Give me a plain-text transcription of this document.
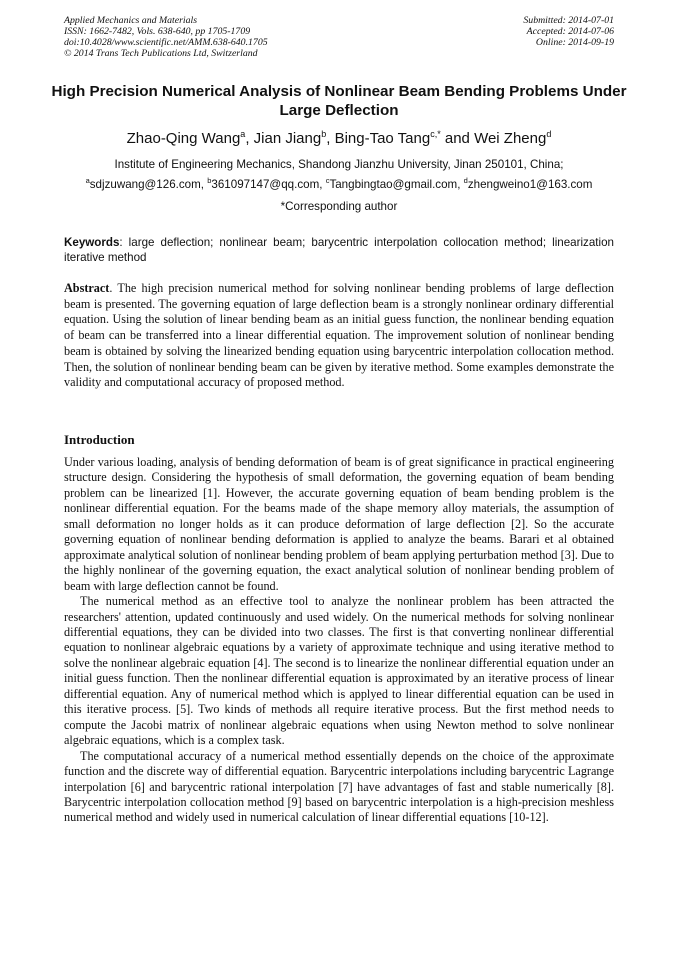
Applied Mechanics and Materials
ISSN: 1662-7482, Vols. 638-640, pp 1705-1709
doi:10.4028/www.scientific.net/AMM.638-640.1705
© 2014 Trans Tech Publications Ltd, Switzerland
Submitted: 2014-07-01
Accepted: 2014-07-06
Online: 2014-09-19
High Precision Numerical Analysis of Nonlinear Beam Bending Problems Under Large Deflection
Zhao-Qing Wang$^a$, Jian Jiang$^b$, Bing-Tao Tang$^{c,*}$ and Wei Zheng$^d$
Institute of Engineering Mechanics, Shandong Jianzhu University, Jinan 250101, China;
$^a$sdjzuwang@126.com, $^b$361097147@qq.com, $^c$Tangbingtao@gmail.com, $^d$zhengweino1@163.com
*Corresponding author
Keywords: large deflection; nonlinear beam; barycentric interpolation collocation method; linearization iterative method

Abstract. The high precision numerical method for solving nonlinear bending problems of large deflection beam is presented. The governing equation of large deflection beam is a strongly nonlinear ordinary differential equation. Using the solution of linear bending beam as an initial guess function, the nonlinear bending equation of beam can be transferred into a linear differential equation. The improvement solution of nonlinear bending beam is obtained by solving the linearized bending equation using barycentric interpolation collocation method. Then, the solution of nonlinear bending beam can be given by iterative method. Some examples demonstrate the validity and computational accuracy of proposed method.

Introduction

Under various loading, analysis of bending deformation of beam is of great significance in practical engineering structure design. Considering the hypothesis of small deformation, the governing equation of beam bending problem can be linearized [1]. However, the accurate governing equation of beam bending problem is the nonlinear differential equation. For the beams made of the shape memory alloy materials, the assumption of small deformation no longer holds as it can produce deformation of large deflection [2]. So the accurate governing equation of nonlinear bending deformation is applied to analyze the beams. Barari et al obtained approximate analytical solution of nonlinear bending problem of beam applying perturbation method [3]. Due to the highly nonlinear of the governing equation, the exact analytical solution of nonlinear bending problem of beam with large deflection cannot be found.

The numerical method as an effective tool to analyze the nonlinear problem has been attracted the researchers' attention, updated continuously and used widely. On the numerical methods for solving nonlinear differential equations, they can be divided into two classes. The first is that converting nonlinear differential equation to nonlinear algebraic equations by a variety of approximate technique and using iterative method to solve the nonlinear algebraic equation [4]. The second is to linearize the nonlinear differential equation under an initial guess function. Then the nonlinear differential equation is approximated by an iterative process of linear differential equation. Any of numerical method which is applyed to linear differential equation can be used in this iterative process. [5]. Two kinds of methods all require iterative process. But the first method needs to compute the Jacobi matrix of nonlinear algebraic equations when using Newton method to solve nonlinear algebraic equations, which is a complex task.

The computational accuracy of a numerical method essentially depends on the choice of the approximate function and the discrete way of differential equation. Barycentric interpolations including barycentric Lagrange interpolation [6] and barycentric rational interpolation [7] have advantages of fast and stable numerically [8]. Barycentric interpolation collocation method [9] based on barycentric interpolation is a high-precision meshless numerical method and widely used in numerical calculation of linear differential equations [10-12].
